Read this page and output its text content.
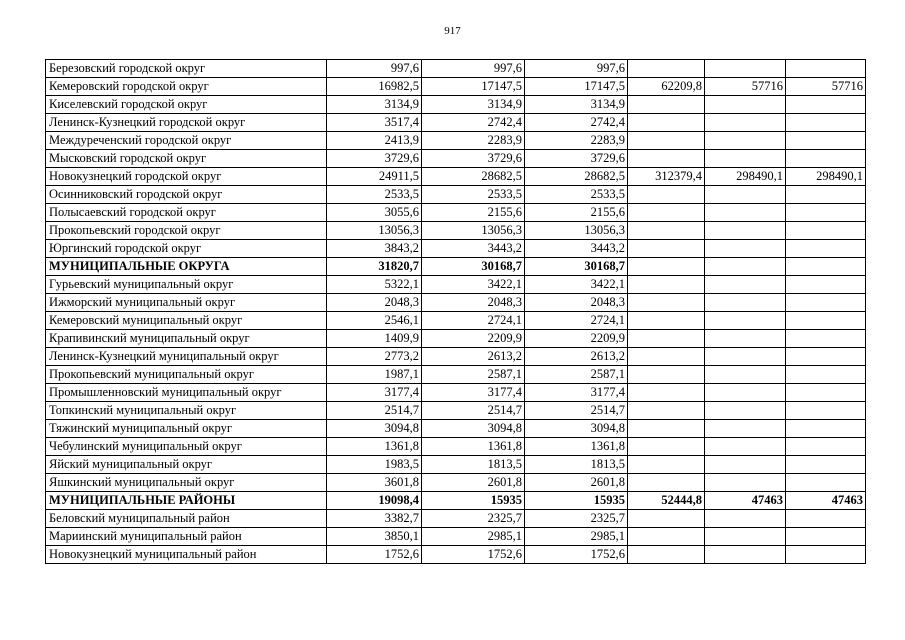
917
Березовский городской округ	997,6	997,6	997,6			
Кемеровский городской округ	16982,5	17147,5	17147,5	62209,8	57716	57716
Киселевский городской округ	3134,9	3134,9	3134,9			
Ленинск-Кузнецкий городской округ	3517,4	2742,4	2742,4			
Междуреченский городской округ	2413,9	2283,9	2283,9			
Мысковский городской округ	3729,6	3729,6	3729,6			
Новокузнецкий городской округ	24911,5	28682,5	28682,5	312379,4	298490,1	298490,1
Осинниковский городской округ	2533,5	2533,5	2533,5			
Полысаевский городской округ	3055,6	2155,6	2155,6			
Прокопьевский городской округ	13056,3	13056,3	13056,3			
Юргинский городской округ	3843,2	3443,2	3443,2			
МУНИЦИПАЛЬНЫЕ ОКРУГА	31820,7	30168,7	30168,7			
Гурьевский муниципальный округ	5322,1	3422,1	3422,1			
Ижморский муниципальный округ	2048,3	2048,3	2048,3			
Кемеровский муниципальный округ	2546,1	2724,1	2724,1			
Крапивинский муниципальный округ	1409,9	2209,9	2209,9			
Ленинск-Кузнецкий муниципальный округ	2773,2	2613,2	2613,2			
Прокопьевский муниципальный округ	1987,1	2587,1	2587,1			
Промышленновский муниципальный округ	3177,4	3177,4	3177,4			
Топкинский муниципальный округ	2514,7	2514,7	2514,7			
Тяжинский муниципальный округ	3094,8	3094,8	3094,8			
Чебулинский муниципальный округ	1361,8	1361,8	1361,8			
Яйский муниципальный округ	1983,5	1813,5	1813,5			
Яшкинский муниципальный округ	3601,8	2601,8	2601,8			
МУНИЦИПАЛЬНЫЕ РАЙОНЫ	19098,4	15935	15935	52444,8	47463	47463
Беловский муниципальный район	3382,7	2325,7	2325,7			
Мариинский муниципальный район	3850,1	2985,1	2985,1			
Новокузнецкий муниципальный район	1752,6	1752,6	1752,6			
